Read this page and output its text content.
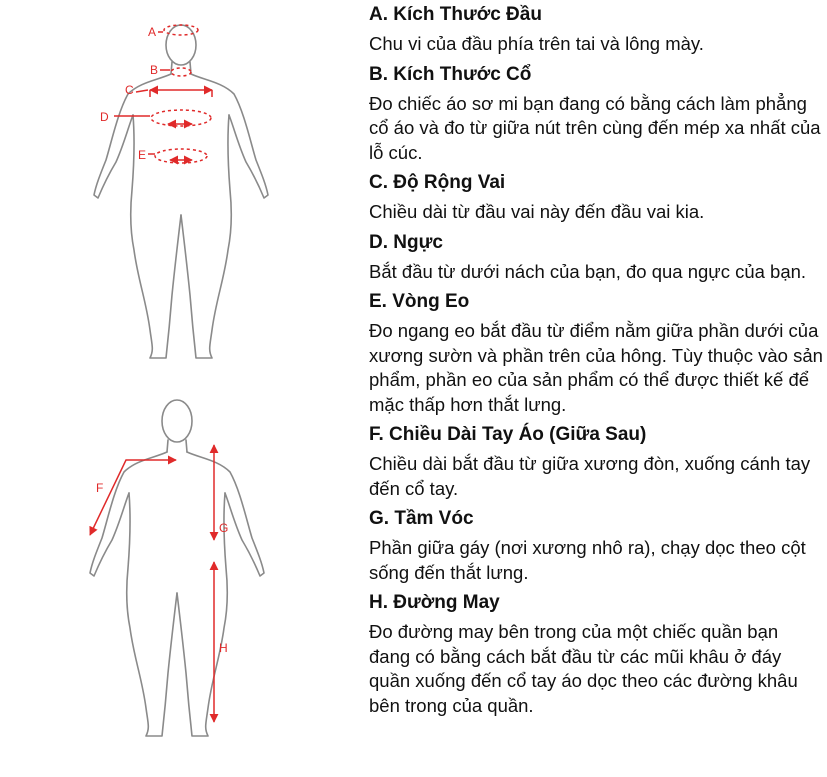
A
B
C
D
E
F
G
H
A. Kích Thước Đầu

Chu vi của đầu phía trên tai và lông mày.

B. Kích Thước Cổ

Đo chiếc áo sơ mi bạn đang có bằng cách làm phẳng cổ áo và đo từ giữa nút trên cùng đến mép xa nhất của lỗ cúc.

C. Độ Rộng Vai

Chiều dài từ đầu vai này đến đầu vai kia.

D. Ngực

Bắt đầu từ dưới nách của bạn, đo qua ngực của bạn.

E. Vòng Eo

Đo ngang eo bắt đầu từ điểm nằm giữa phần dưới của xương sườn và phần trên của hông. Tùy thuộc vào sản phẩm, phần eo của sản phẩm có thể được thiết kế để mặc thấp hơn thắt lưng.

F. Chiều Dài Tay Áo (Giữa Sau)

Chiều dài bắt đầu từ giữa xương đòn, xuống cánh tay đến cổ tay.

G. Tầm Vóc

Phần giữa gáy (nơi xương nhô ra), chạy dọc theo cột sống đến thắt lưng.

H. Đường May

Đo đường may bên trong của một chiếc quần bạn đang có bằng cách bắt đầu từ các mũi khâu ở đáy quần xuống đến cổ tay áo dọc theo các đường khâu bên trong của quần.
